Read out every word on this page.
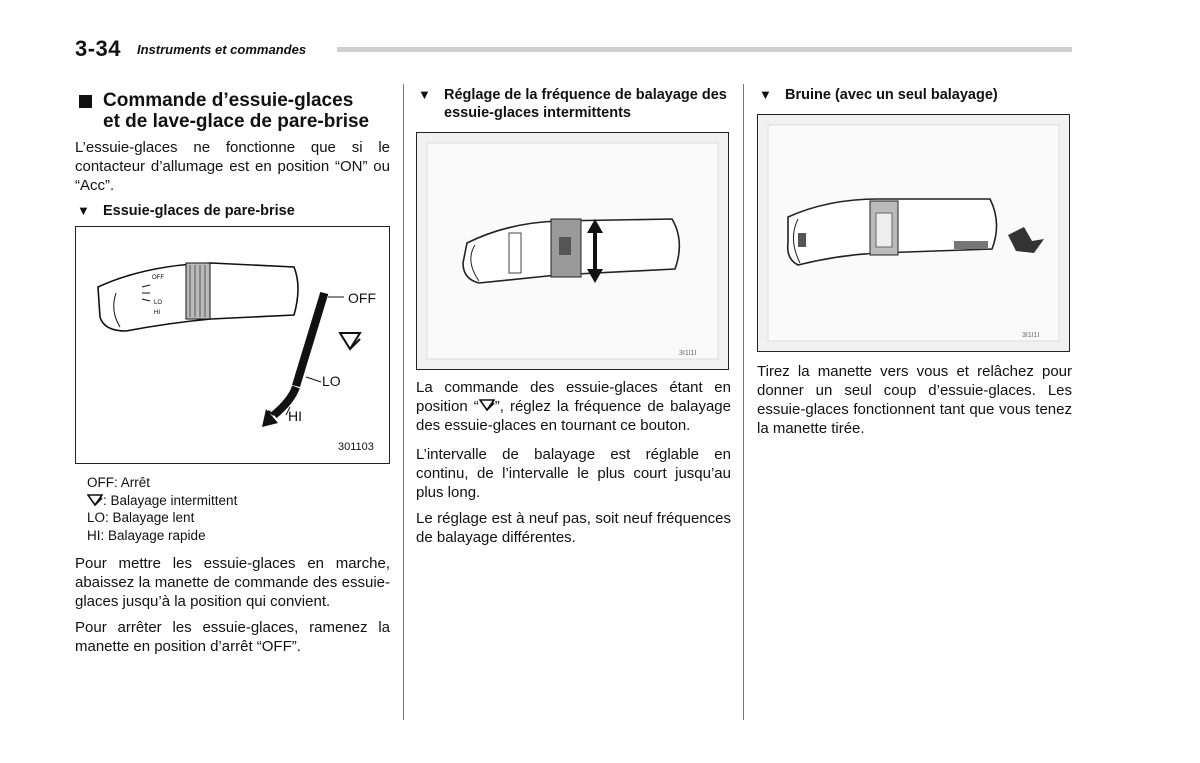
3-34 Instruments et commandes
Commande d’essuie-glaces
et de lave-glace de pare-brise

L’essuie-glaces ne fonctionne que si le contacteur d’allumage est en position “ON” ou “Acc”.

▼ Essuie-glaces de pare-brise
OFF
LO
HI
OFF
LO
HI
301103
OFF: Arrêt
: Balayage intermittent
LO: Balayage lent
HI: Balayage rapide

Pour mettre les essuie-glaces en marche, abaissez la manette de commande des essuie-glaces jusqu’à la position qui convient.

Pour arrêter les essuie-glaces, ramenez la manette en position d’arrêt “OFF”.

▼ Réglage de la fréquence de balayage des essuie-glaces intermittents
3I1I1I

La commande des essuie-glaces étant en position “ ”, réglez la fréquence de balayage des essuie-glaces en tournant ce bouton.

L’intervalle de balayage est réglable en continu, de l’intervalle le plus court jusqu’au plus long.

Le réglage est à neuf pas, soit neuf fréquences de balayage différentes.

▼ Bruine (avec un seul balayage)
3I1I1I

Tirez la manette vers vous et relâchez pour donner un seul coup d’essuie-glaces. Les essuie-glaces fonctionnent tant que vous tenez la manette tirée.
